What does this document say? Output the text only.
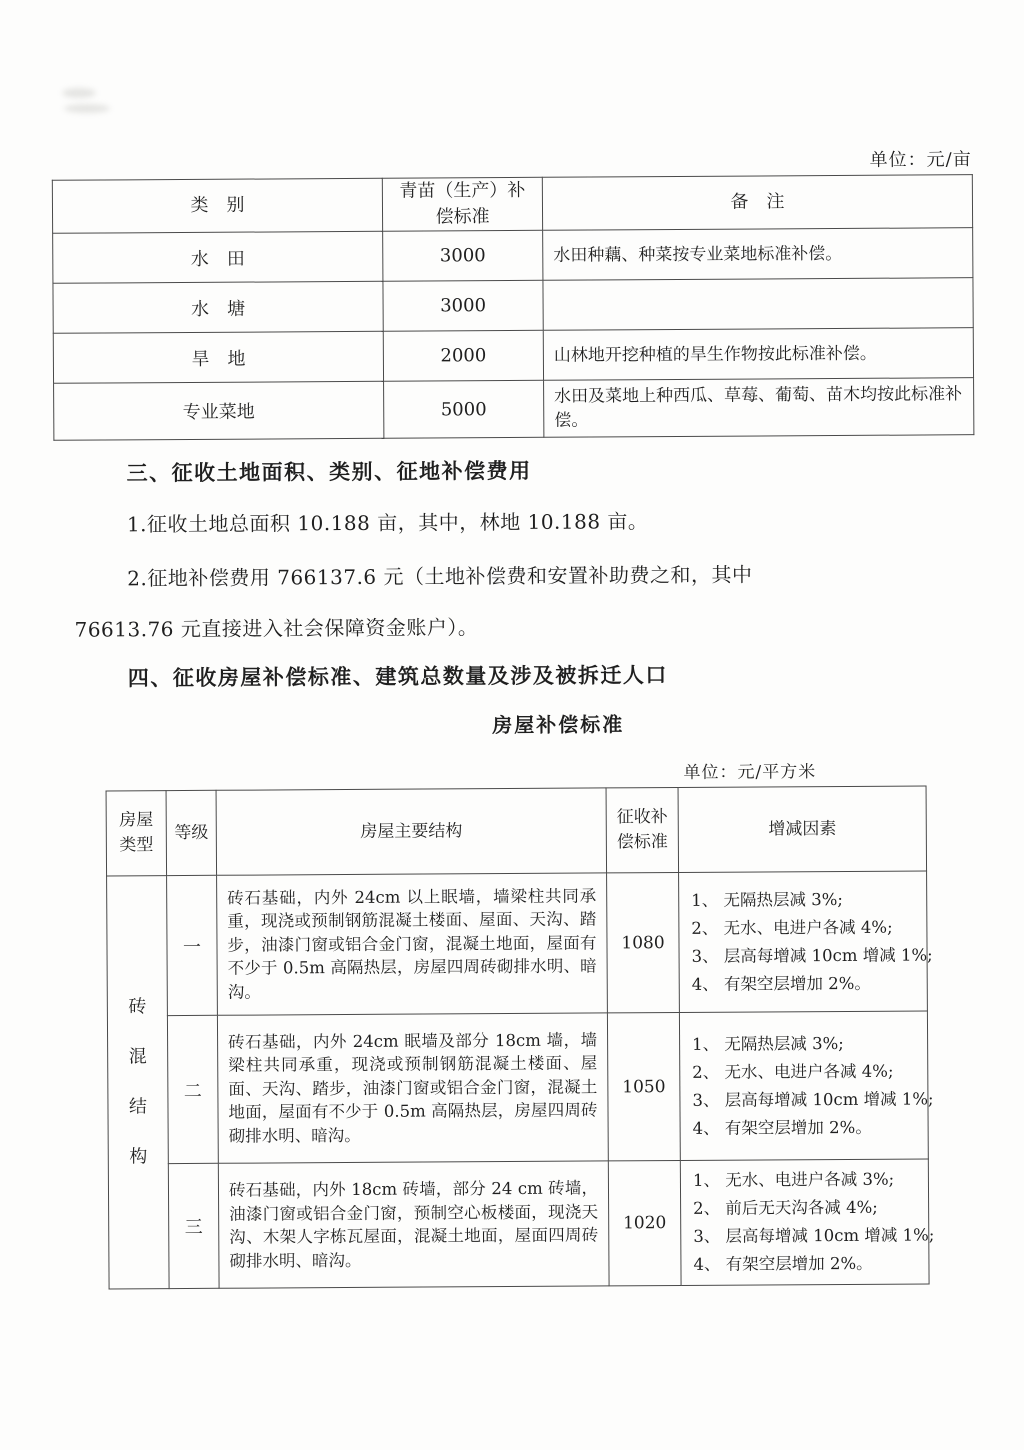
单位：元/亩
类　别	青苗（生产）补偿标准	备　注
水　田	3000	水田种藕、种菜按专业菜地标准补偿。
水　塘	3000	
旱　地	2000	山林地开挖种植的旱生作物按此标准补偿。
专业菜地	5000	水田及菜地上种西瓜、草莓、葡萄、苗木均按此标准补偿。
三、征收土地面积、类别、征地补偿费用
1.征收土地总面积 10.188 亩，其中，林地 10.188 亩。
2.征地补偿费用 766137.6 元（土地补偿费和安置补助费之和，其中
76613.76 元直接进入社会保障资金账户）。
四、征收房屋补偿标准、建筑总数量及涉及被拆迁人口
房屋补偿标准
单位：元/平方米
房屋类型	等级	房屋主要结构	征收补偿标准	增减因素
砖混结构	一	砖石基础，内外 24cm 以上眠墙，墙梁柱共同承重，现浇或预制钢筋混凝土楼面、屋面、天沟、踏步，油漆门窗或铝合金门窗，混凝土地面，屋面有不少于 0.5m 高隔热层，房屋四周砖砌排水明、暗沟。	1080	1、 无隔热层减 3%;
2、 无水、电进户各减 4%;
3、 层高每增减 10cm 增减 1%;
4、 有架空层增加 2%。

	二	砖石基础，内外 24cm 眠墙及部分 18cm 墙，墙梁柱共同承重，现浇或预制钢筋混凝土楼面、屋面、天沟、踏步，油漆门窗或铝合金门窗，混凝土地面，屋面有不少于 0.5m 高隔热层，房屋四周砖砌排水明、暗沟。	1050	1、 无隔热层减 3%;
2、 无水、电进户各减 4%;
3、 层高每增减 10cm 增减 1%;
4、 有架空层增加 2%。

	三	砖石基础，内外 18cm 砖墙，部分 24 cm 砖墙，油漆门窗或铝合金门窗，预制空心板楼面，现浇天沟、木架人字栋瓦屋面，混凝土地面，屋面四周砖砌排水明、暗沟。	1020	1、 无水、电进户各减 3%;
2、 前后无天沟各减 4%;
3、 层高每增减 10cm 增减 1%;
4、 有架空层增加 2%。
